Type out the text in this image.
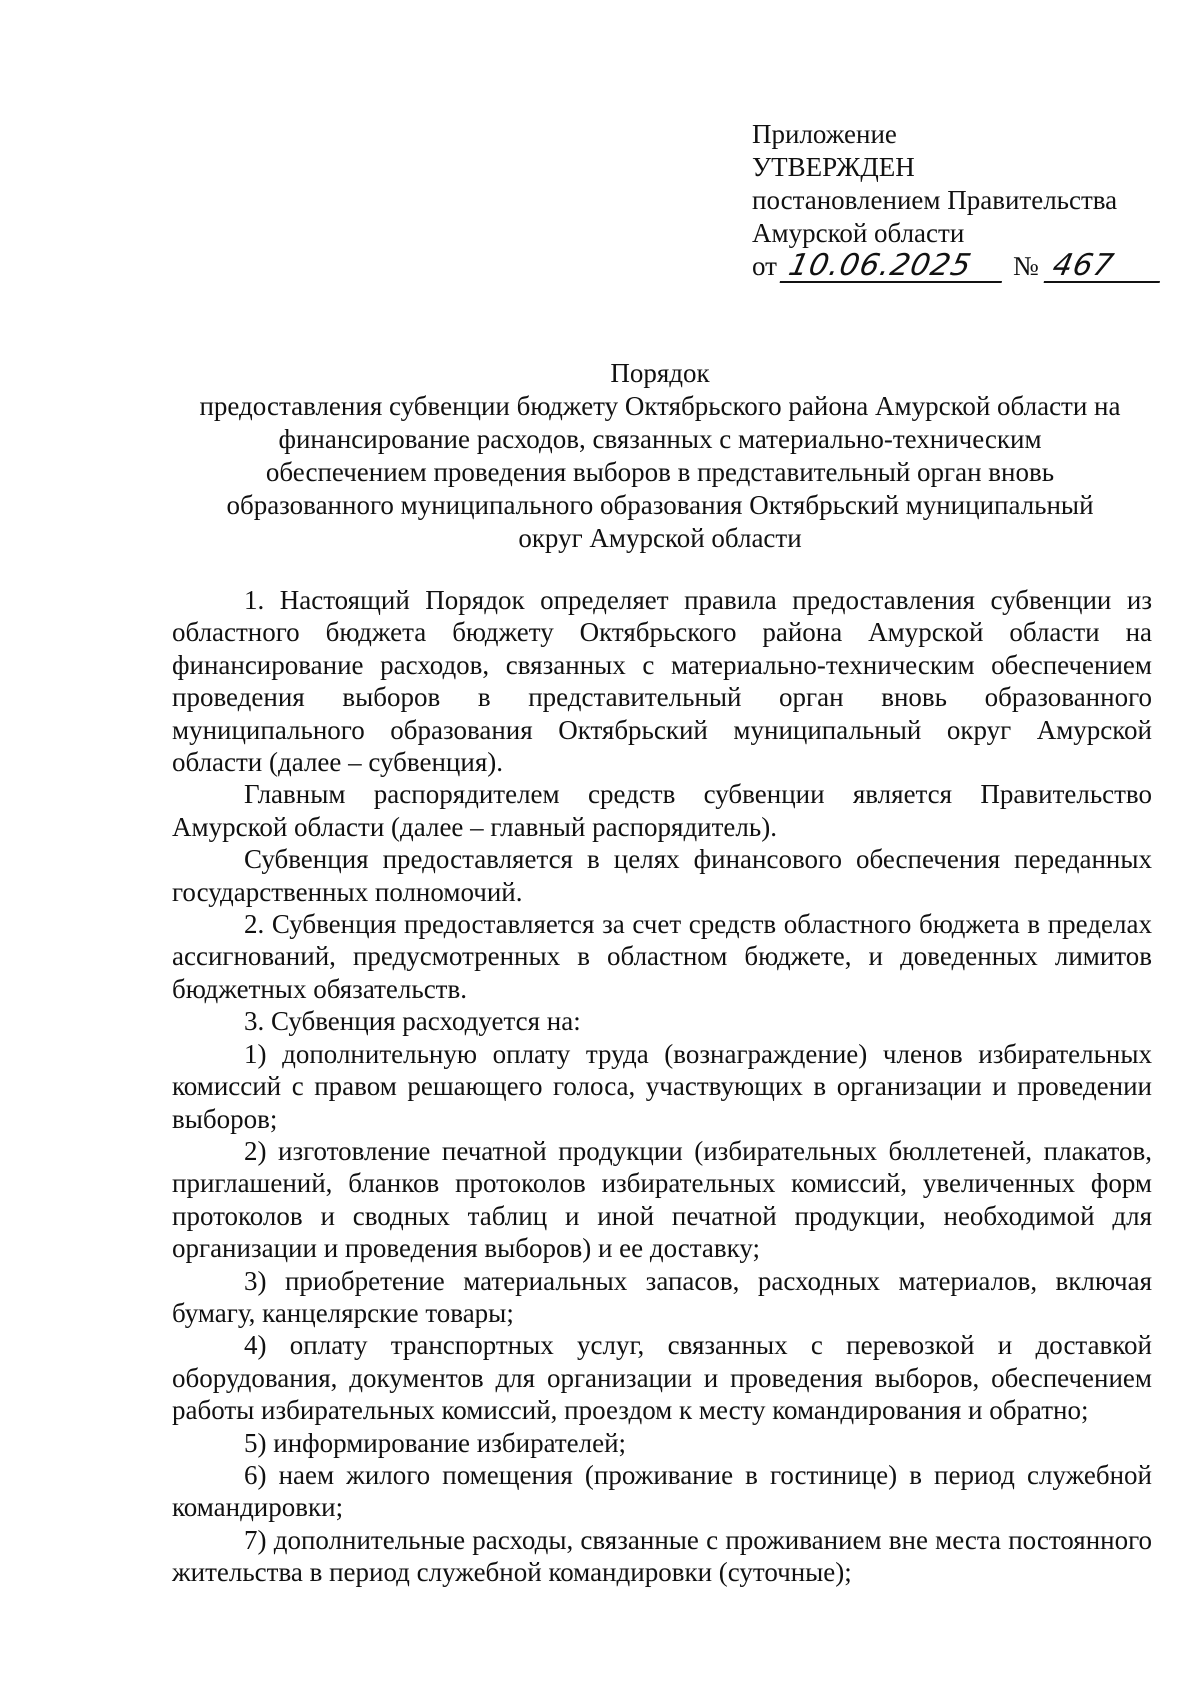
Приложение
УТВЕРЖДЕН
постановлением Правительства
Амурской области
от 10.06.2025	№ 467
Порядок
предоставления субвенции бюджету Октябрьского района Амурской области на
финансирование расходов, связанных с материально-техническим
обеспечением проведения выборов в представительный орган вновь
образованного муниципального образования Октябрьский муниципальный
округ Амурской области

1. Настоящий Порядок определяет правила предоставления субвенции из областного бюджета бюджету Октябрьского района Амурской области на финансирование расходов, связанных с материально-техническим обеспечением проведения выборов в представительный орган вновь образованного муниципального образования Октябрьский муниципальный округ Амурской области (далее – субвенция).

Главным распорядителем средств субвенции является Правительство Амурской области (далее – главный распорядитель).

Субвенция предоставляется в целях финансового обеспечения переданных государственных полномочий.

2. Субвенция предоставляется за счет средств областного бюджета в пределах ассигнований, предусмотренных в областном бюджете, и доведенных лимитов бюджетных обязательств.

3. Субвенция расходуется на:

1) дополнительную оплату труда (вознаграждение) членов избирательных комиссий с правом решающего голоса, участвующих в организации и проведении выборов;

2) изготовление печатной продукции (избирательных бюллетеней, плакатов, приглашений, бланков протоколов избирательных комиссий, увеличенных форм протоколов и сводных таблиц и иной печатной продукции, необходимой для организации и проведения выборов) и ее доставку;

3) приобретение материальных запасов, расходных материалов, включая бумагу, канцелярские товары;

4) оплату транспортных услуг, связанных с перевозкой и доставкой оборудования, документов для организации и проведения выборов, обеспечением работы избирательных комиссий, проездом к месту командирования и обратно;

5) информирование избирателей;

6) наем жилого помещения (проживание в гостинице) в период служебной командировки;

7) дополнительные расходы, связанные с проживанием вне места постоянного жительства в период служебной командировки (суточные);
